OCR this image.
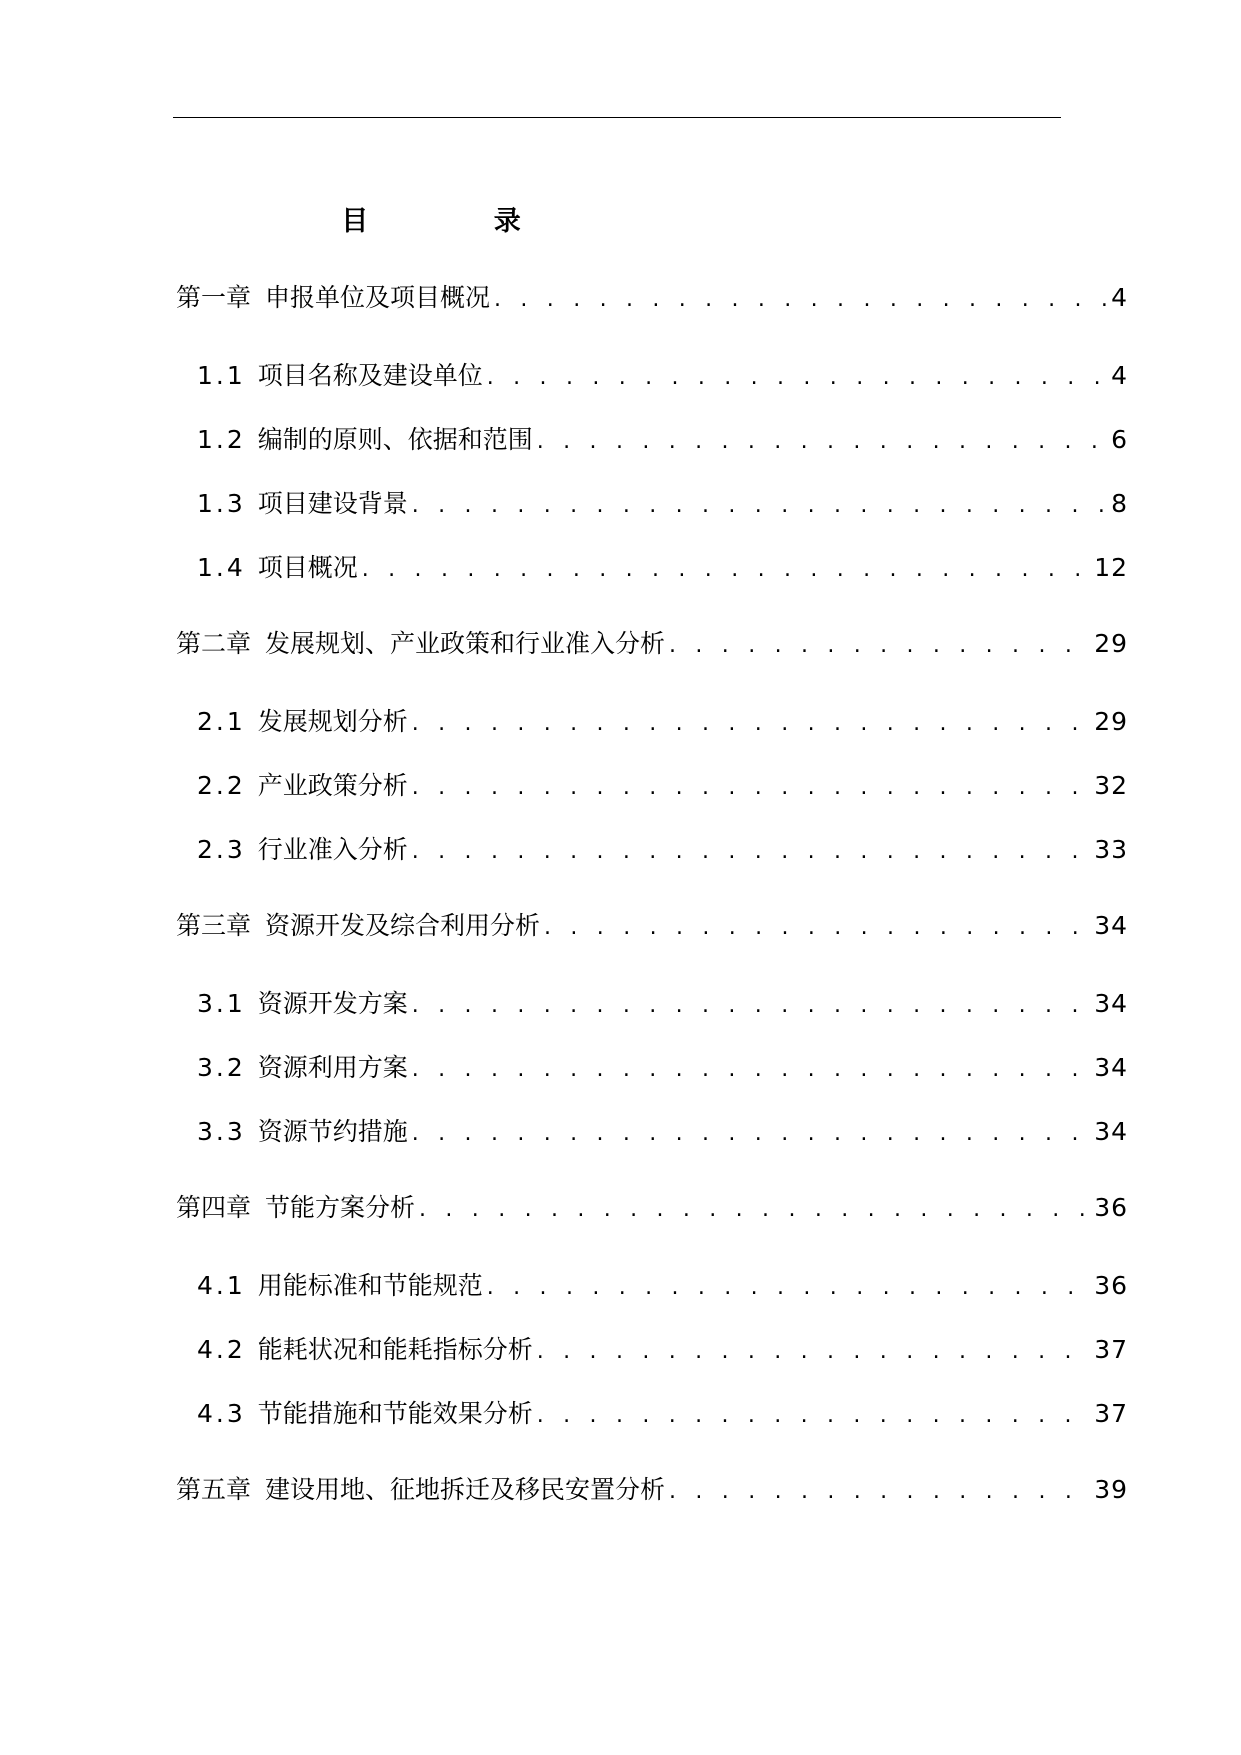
目 录
第一章 申报单位及项目概况 . . .	4
1.1 项目名称及建设单位 . . .	4
1.2 编制的原则、依据和范围 . . .	6
1.3 项目建设背景 . . .	8
1.4 项目概况 . . .	12
第二章 发展规划、产业政策和行业准入分析 . . .	29
2.1 发展规划分析 . . .	29
2.2 产业政策分析 . . .	32
2.3 行业准入分析 . . .	33
第三章 资源开发及综合利用分析 . . .	34
3.1 资源开发方案 . . .	34
3.2 资源利用方案 . . .	34
3.3 资源节约措施 . . .	34
第四章 节能方案分析 . . .	36
4.1 用能标准和节能规范 . . .	36
4.2 能耗状况和能耗指标分析 . . .	37
4.3 节能措施和节能效果分析 . . .	37
第五章 建设用地、征地拆迁及移民安置分析 . . .	39
